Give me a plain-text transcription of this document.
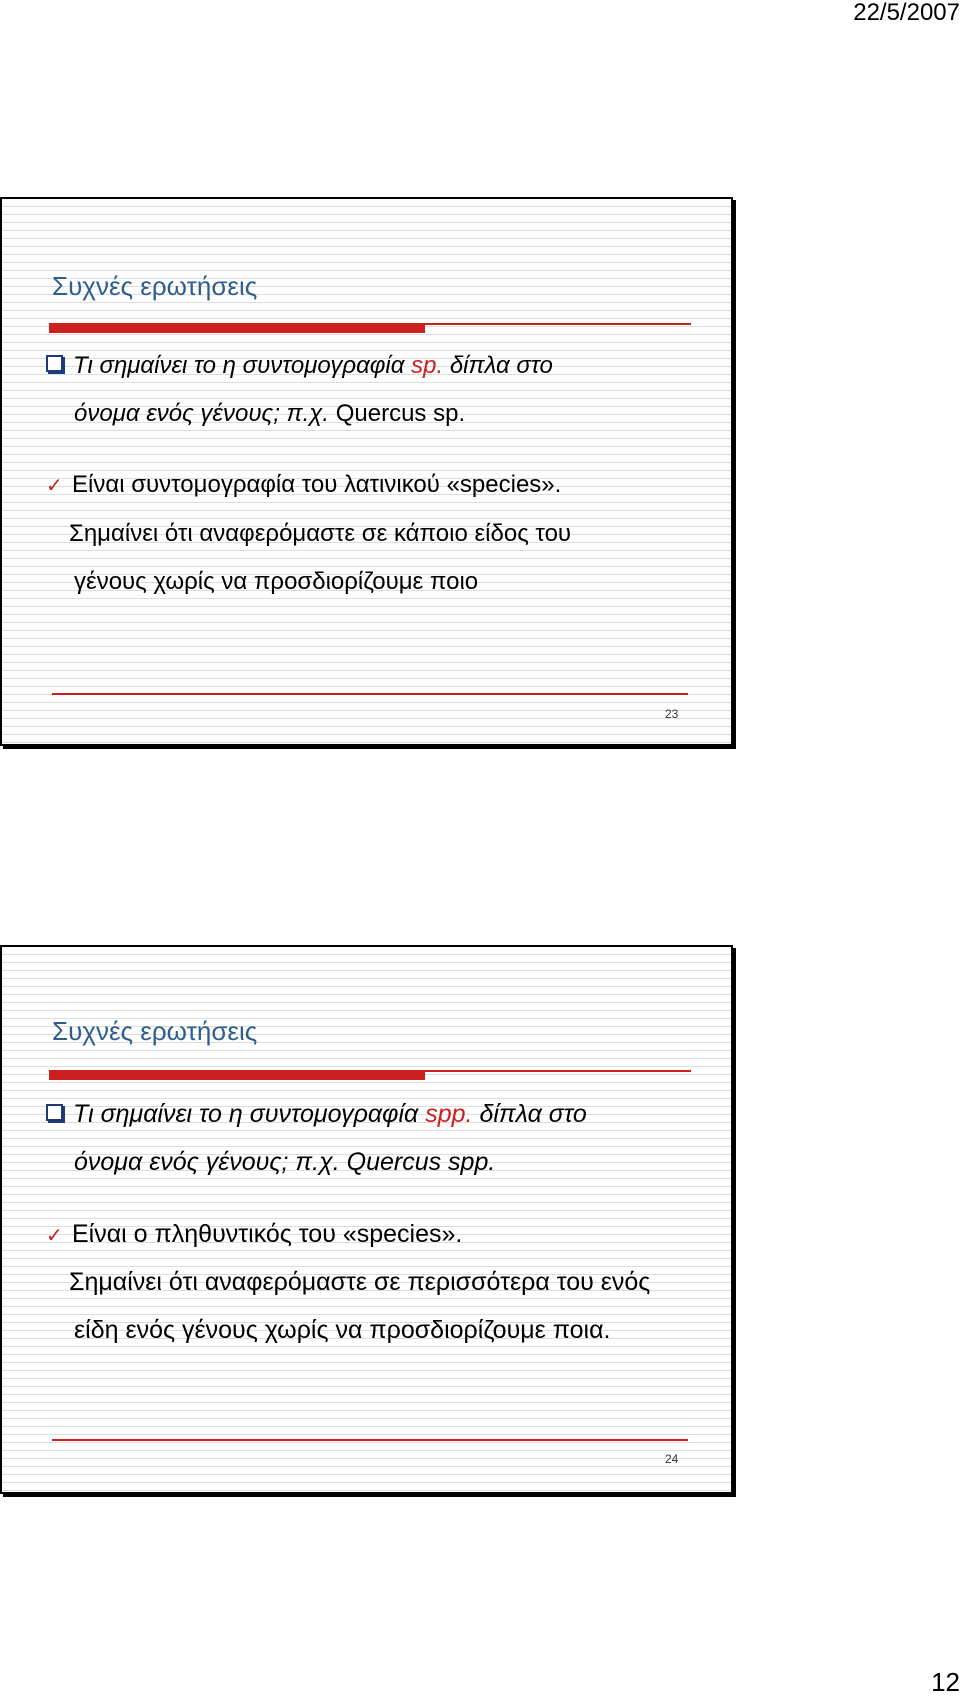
22/5/2007
Συχνές ερωτήσεις
Τι σημαίνει το η συντομογραφία sp. δίπλα στο
όνομα ενός γένους; π.χ. Quercus sp.
✓ Είναι συντομογραφία του λατινικού «species».
Σημαίνει ότι αναφερόμαστε σε κάποιο είδος του
γένους χωρίς να προσδιορίζουμε ποιο
23
Συχνές ερωτήσεις
Τι σημαίνει το η συντομογραφία spp. δίπλα στο
όνομα ενός γένους; π.χ. Quercus spp.
✓ Είναι ο πληθυντικός του «species».
Σημαίνει ότι αναφερόμαστε σε περισσότερα του ενός
είδη ενός γένους χωρίς να προσδιορίζουμε ποια.
24
12
